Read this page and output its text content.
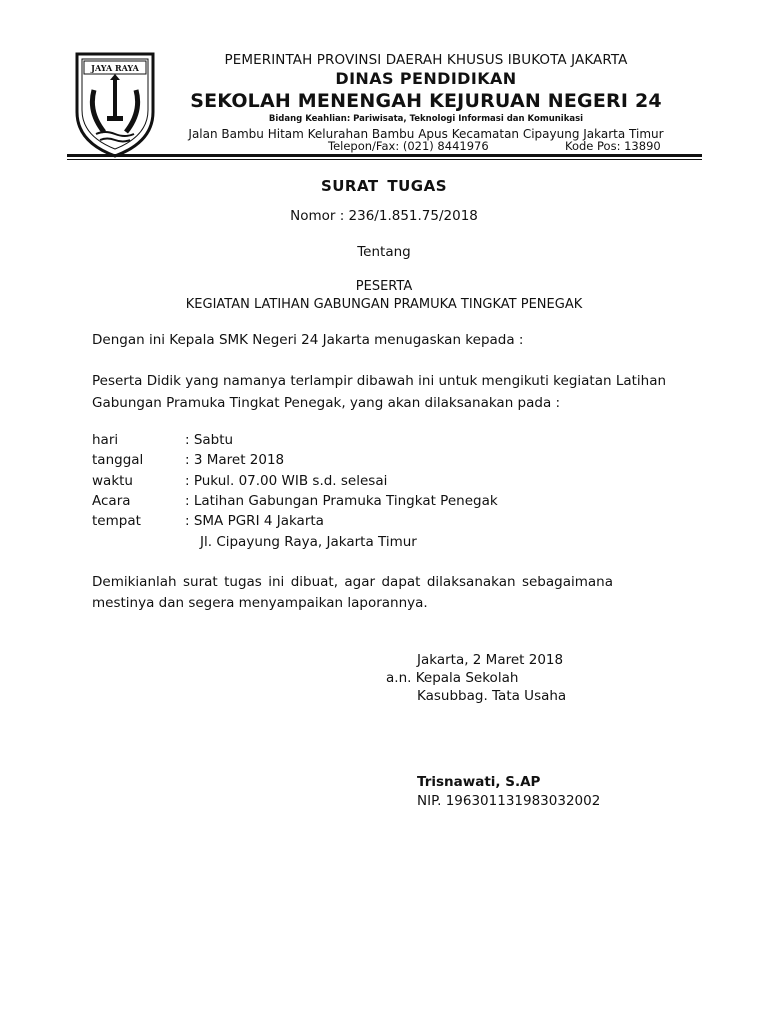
JAYA RAYA	PEMERINTAH PROVINSI DAERAH KHUSUS IBUKOTA JAKARTA
DINAS PENDIDIKAN
SEKOLAH MENENGAH KEJURUAN NEGERI 24
Bidang Keahlian: Pariwisata, Teknologi Informasi dan Komunikasi
Jalan Bambu Hitam Kelurahan Bambu Apus Kecamatan Cipayung Jakarta Timur
Telepon/Fax: (021) 8441976	Kode Pos: 13890
SURAT TUGAS
Nomor : 236/1.851.75/2018
Tentang
PESERTA
KEGIATAN LATIHAN GABUNGAN PRAMUKA TINGKAT PENEGAK
Dengan ini Kepala SMK Negeri 24 Jakarta menugaskan kepada :
Peserta Didik yang namanya terlampir dibawah ini untuk mengikuti kegiatan Latihan
Gabungan Pramuka Tingkat Penegak, yang akan dilaksanakan pada :
hari	: Sabtu
tanggal	: 3 Maret 2018
waktu	: Pukul. 07.00 WIB s.d. selesai
Acara	: Latihan Gabungan Pramuka Tingkat Penegak
tempat	: SMA PGRI 4 Jakarta
Jl. Cipayung Raya, Jakarta Timur
Demikianlah surat tugas ini dibuat, agar dapat dilaksanakan sebagaimana
mestinya dan segera menyampaikan laporannya.
Jakarta, 2 Maret 2018
a.n. Kepala Sekolah
Kasubbag. Tata Usaha
Trisnawati, S.AP
NIP. 196301131983032002
